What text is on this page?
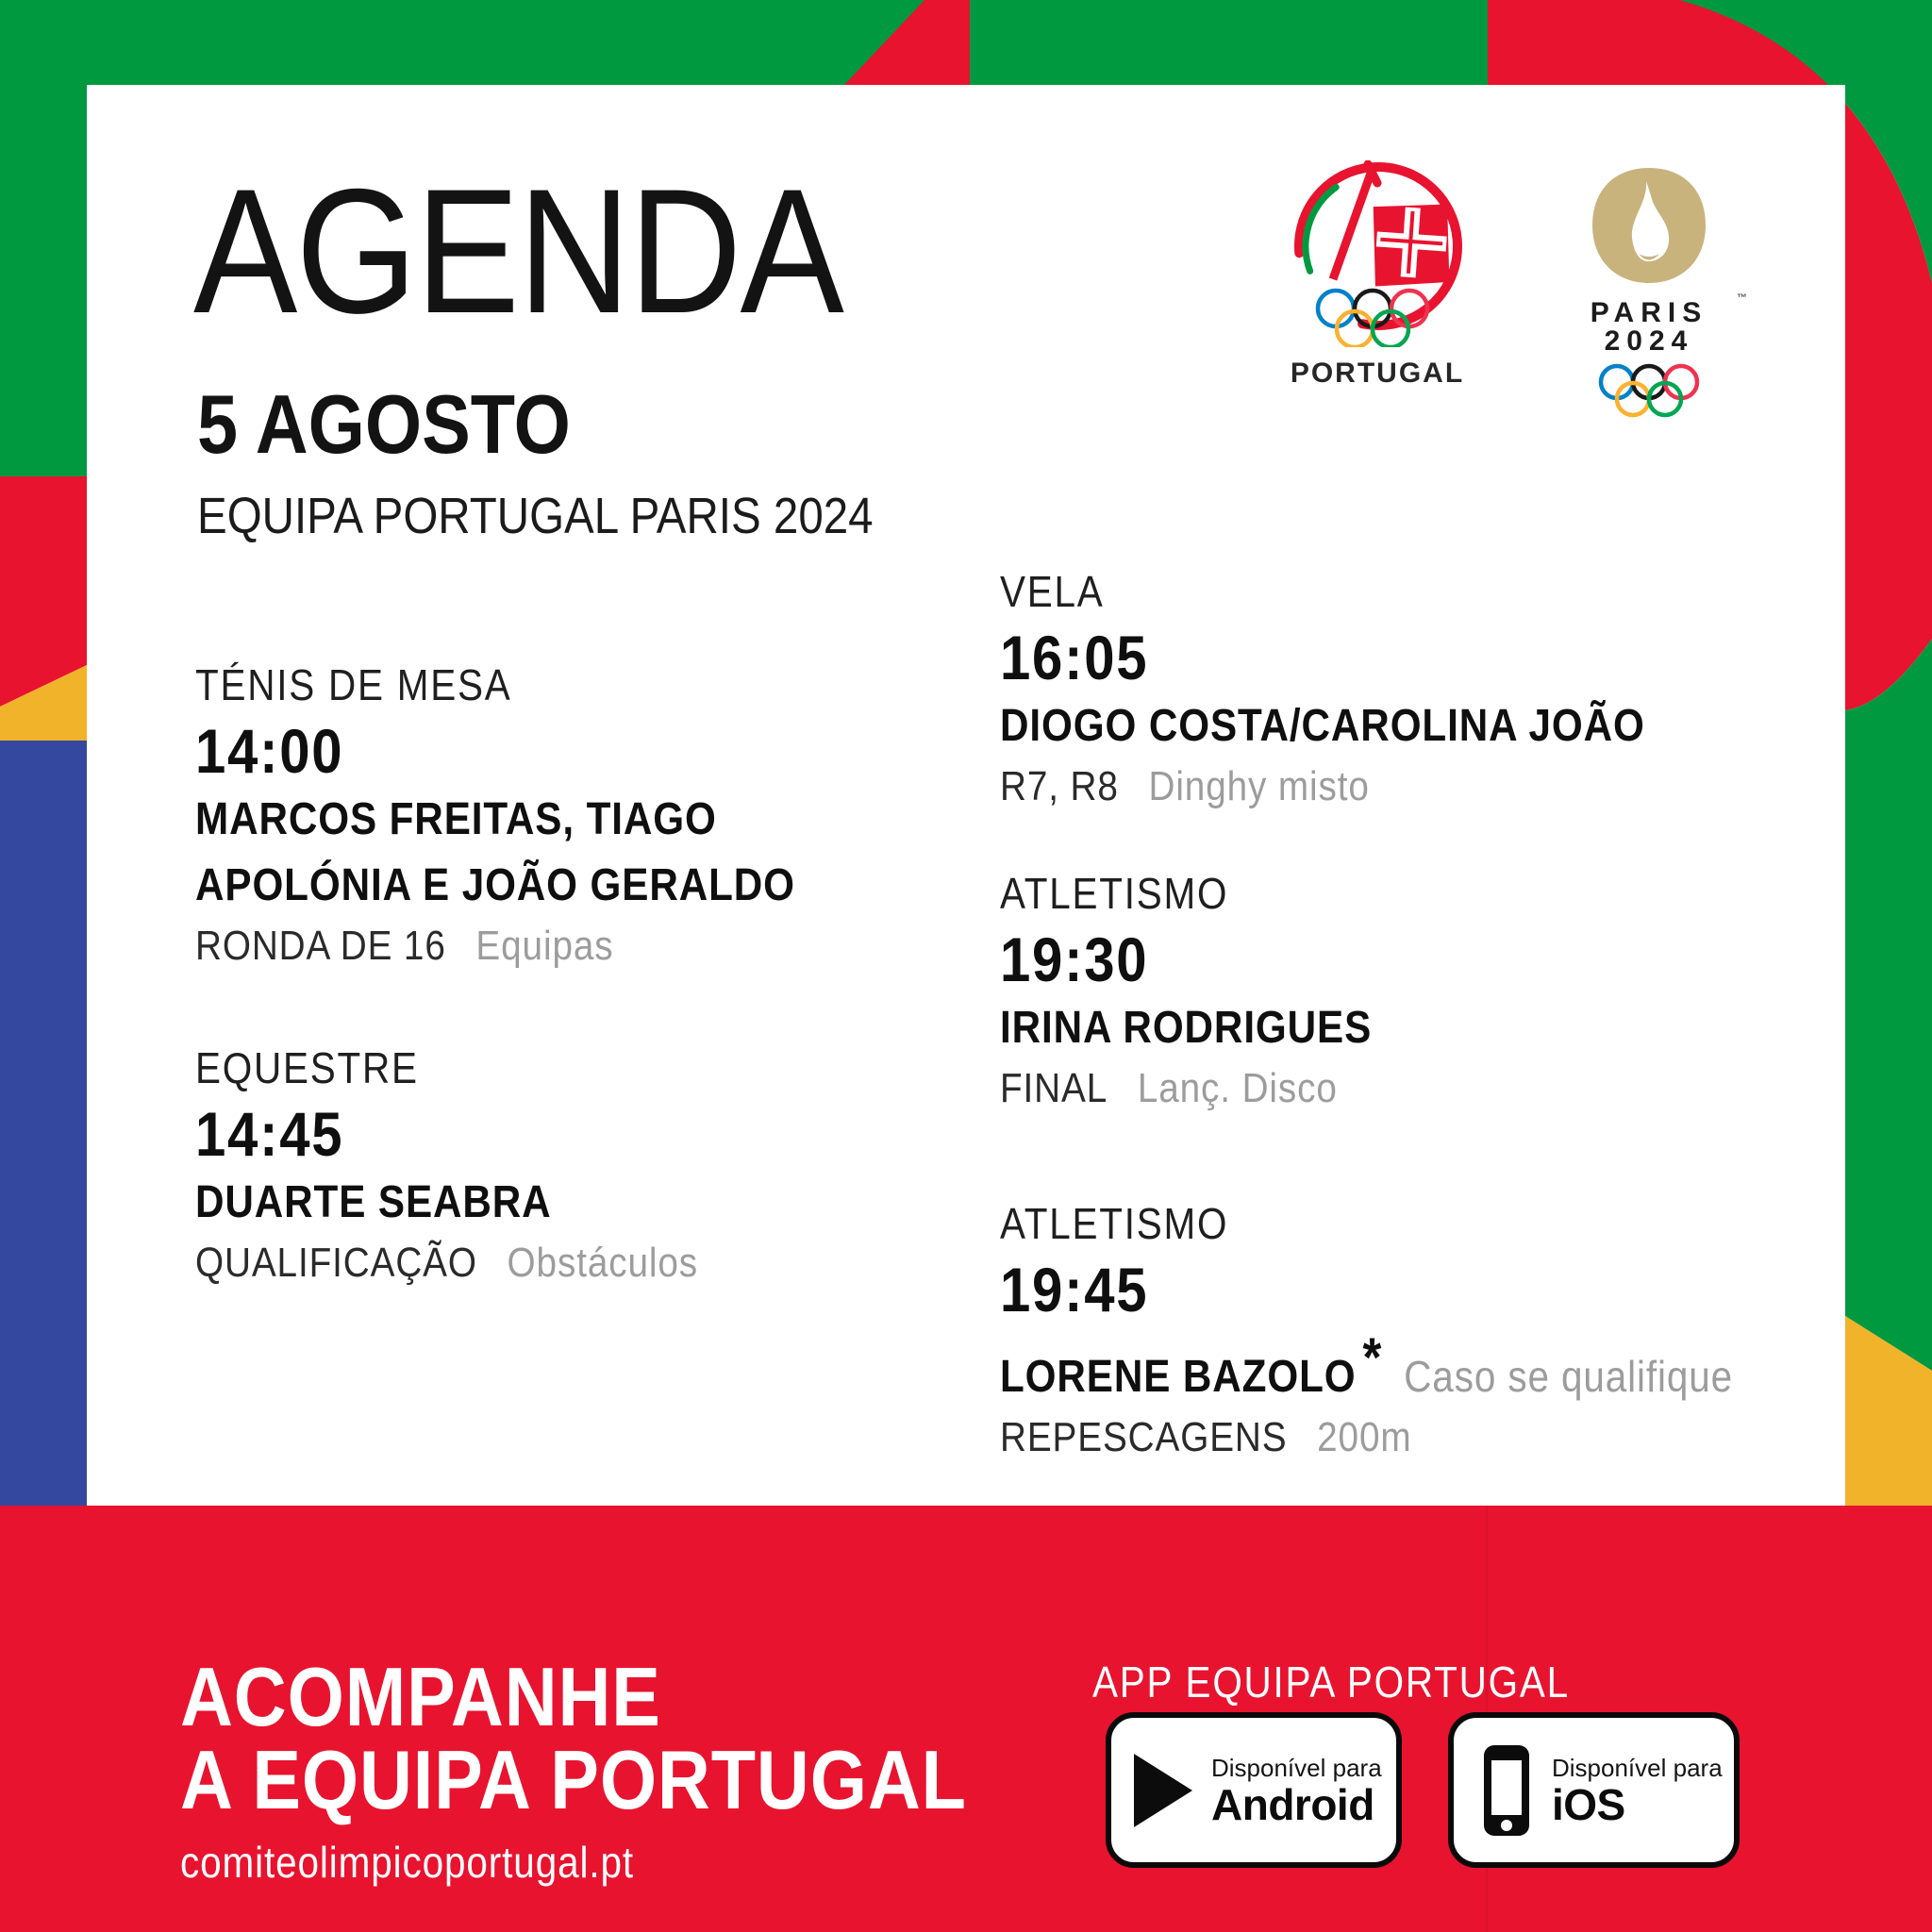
AGENDA
5 AGOSTO
EQUIPA PORTUGAL PARIS 2024
PORTUGAL
PARIS 2024
™
TÉNIS DE MESA
14:00
MARCOS FREITAS, TIAGO
APOLÓNIA E JOÃO GERALDO
RONDA DE 16 Equipas
EQUESTRE
14:45
DUARTE SEABRA
QUALIFICAÇÃO Obstáculos
VELA
16:05
DIOGO COSTA/CAROLINA JOÃO
R7, R8 Dinghy misto
ATLETISMO
19:30
IRINA RODRIGUES
FINAL Lanç. Disco
ATLETISMO
19:45
LORENE BAZOLO * Caso se qualifique
REPESCAGENS 200m
ACOMPANHE
A EQUIPA PORTUGAL
comiteolimpicoportugal.pt
APP EQUIPA PORTUGAL
Disponível para
Android
Disponível para
iOS
